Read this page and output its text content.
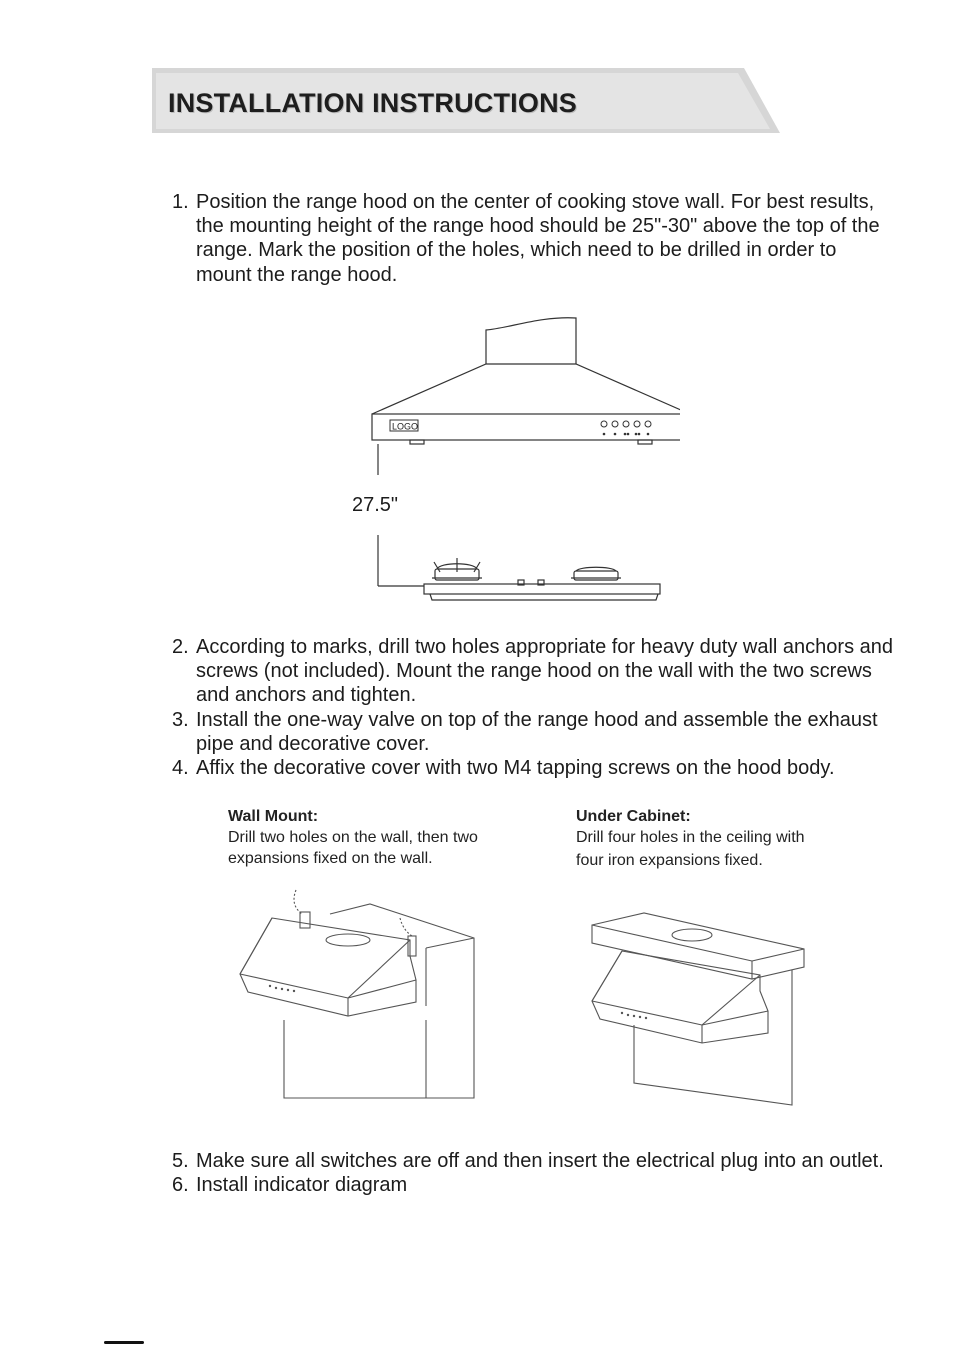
INSTALLATION INSTRUCTIONS
1. Position the range hood on the center of cooking stove wall. For best results, the mounting height of the range hood should be 25"-30" above the top of the range. Mark the position of the holes, which need to be drilled in order to mount the range hood.
LOGO
27.5"
2. According to marks, drill two holes appropriate for heavy duty wall anchors and screws (not included). Mount the range hood on the wall with the two screws and anchors and tighten.
3. Install the one-way valve on top of the range hood and assemble the exhaust pipe and decorative cover.
4. Affix the decorative cover with two M4 tapping screws on the hood body.
Wall Mount:
Drill two holes on the wall, then two
expansions fixed on the wall.
Under Cabinet:
Drill four holes in the ceiling with
four iron expansions fixed.
5. Make sure all switches are off and then insert the electrical plug into an outlet.
6. Install indicator diagram
